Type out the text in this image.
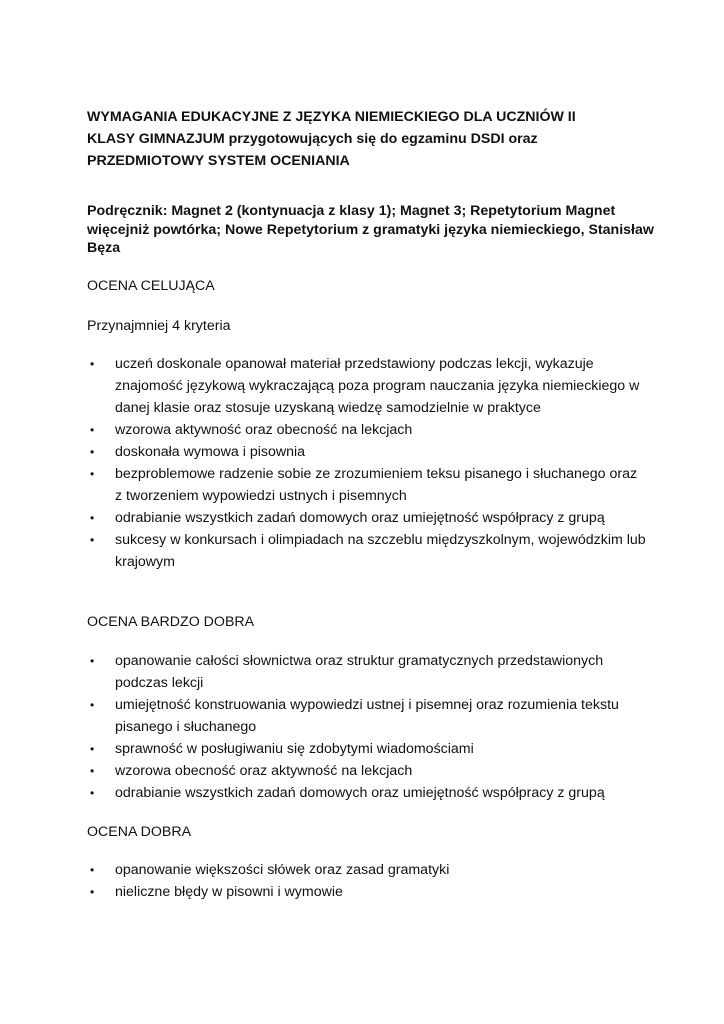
WYMAGANIA EDUKACYJNE Z JĘZYKA NIEMIECKIEGO DLA UCZNIÓW II

KLASY GIMNAZJUM przygotowujących się do egzaminu DSDI oraz

PRZEDMIOTOWY SYSTEM OCENIANIA

Podręcznik: Magnet 2 (kontynuacja z klasy 1); Magnet 3; Repetytorium Magnet więcejniż powtórka; Nowe Repetytorium z gramatyki języka niemieckiego, Stanisław Bęza

OCENA CELUJĄCA

Przynajmniej 4 kryteria

• uczeń doskonale opanował materiał przedstawiony podczas lekcji, wykazuje znajomość językową wykraczającą poza program nauczania języka niemieckiego w danej klasie oraz stosuje uzyskaną wiedzę samodzielnie w praktyce
• wzorowa aktywność oraz obecność na lekcjach
• doskonała wymowa i pisownia
• bezproblemowe radzenie sobie ze zrozumieniem teksu pisanego i słuchanego oraz z tworzeniem wypowiedzi ustnych i pisemnych
• odrabianie wszystkich zadań domowych oraz umiejętność współpracy z grupą
• sukcesy w konkursach i olimpiadach na szczeblu międzyszkolnym, wojewódzkim lub krajowym

OCENA BARDZO DOBRA

• opanowanie całości słownictwa oraz struktur gramatycznych przedstawionych podczas lekcji
• umiejętność konstruowania wypowiedzi ustnej i pisemnej oraz rozumienia tekstu pisanego i słuchanego
• sprawność w posługiwaniu się zdobytymi wiadomościami
• wzorowa obecność oraz aktywność na lekcjach
• odrabianie wszystkich zadań domowych oraz umiejętność współpracy z grupą

OCENA DOBRA

• opanowanie większości słówek oraz zasad gramatyki
• nieliczne błędy w pisowni i wymowie
